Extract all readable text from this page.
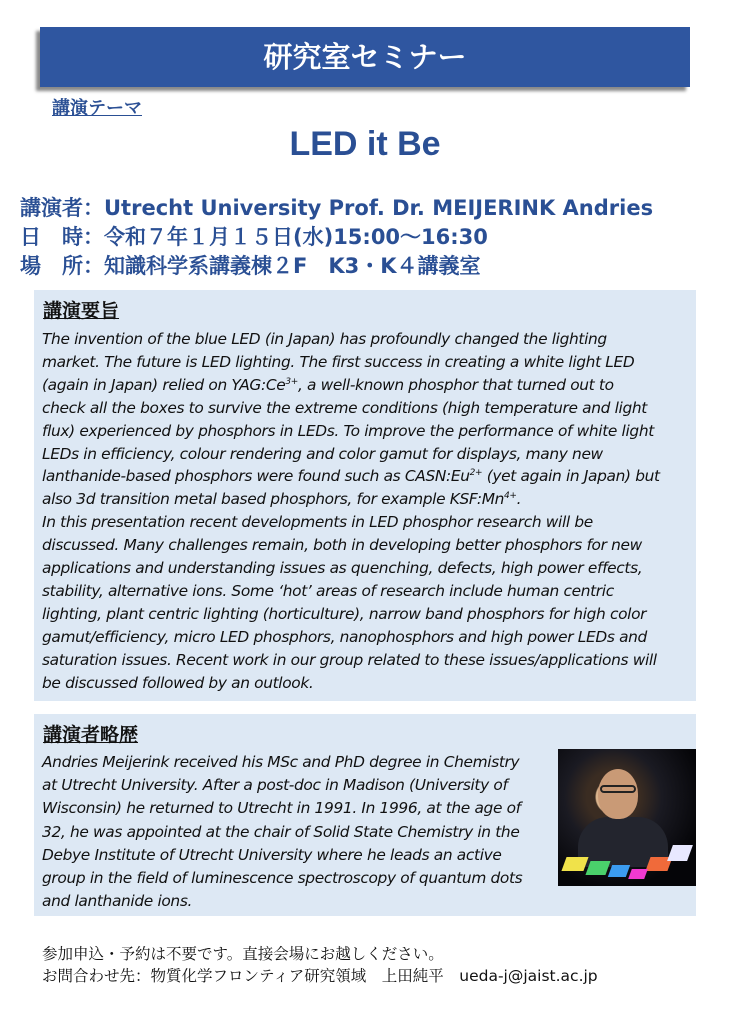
研究室セミナー
講演テーマ
LED it Be
講演者：Utrecht University Prof. Dr. MEIJERINK Andries
日　時：令和７年１月１５日(水)15:00～16:30
場　所：知識科学系講義棟２F　K3・K４講義室
講演要旨
The invention of the blue LED (in Japan) has profoundly changed the lighting
market. The future is LED lighting. The first success in creating a white light LED
(again in Japan) relied on $YAG:Ce^{3+}$, a well-known phosphor that turned out to
check all the boxes to survive the extreme conditions (high temperature and light
flux) experienced by phosphors in LEDs. To improve the performance of white light
LEDs in efficiency, colour rendering and color gamut for displays, many new
lanthanide-based phosphors were found such as $CASN:Eu^{2+}$ (yet again in Japan) but
also 3d transition metal based phosphors, for example $KSF:Mn^{4+}$.
In this presentation recent developments in LED phosphor research will be
discussed. Many challenges remain, both in developing better phosphors for new
applications and understanding issues as quenching, defects, high power effects,
stability, alternative ions. Some ‘hot’ areas of research include human centric
lighting, plant centric lighting (horticulture), narrow band phosphors for high color
gamut/efficiency, micro LED phosphors, nanophosphors and high power LEDs and
saturation issues. Recent work in our group related to these issues/applications will
be discussed followed by an outlook.
講演者略歴
Andries Meijerink received his MSc and PhD degree in Chemistry
at Utrecht University. After a post-doc in Madison (University of
Wisconsin) he returned to Utrecht in 1991. In 1996, at the age of
32, he was appointed at the chair of Solid State Chemistry in the
Debye Institute of Utrecht University where he leads an active
group in the field of luminescence spectroscopy of quantum dots
and lanthanide ions.
参加申込・予約は不要です。直接会場にお越しください。
お問合わせ先：物質化学フロンティア研究領域　上田純平　ueda-j@jaist.ac.jp
